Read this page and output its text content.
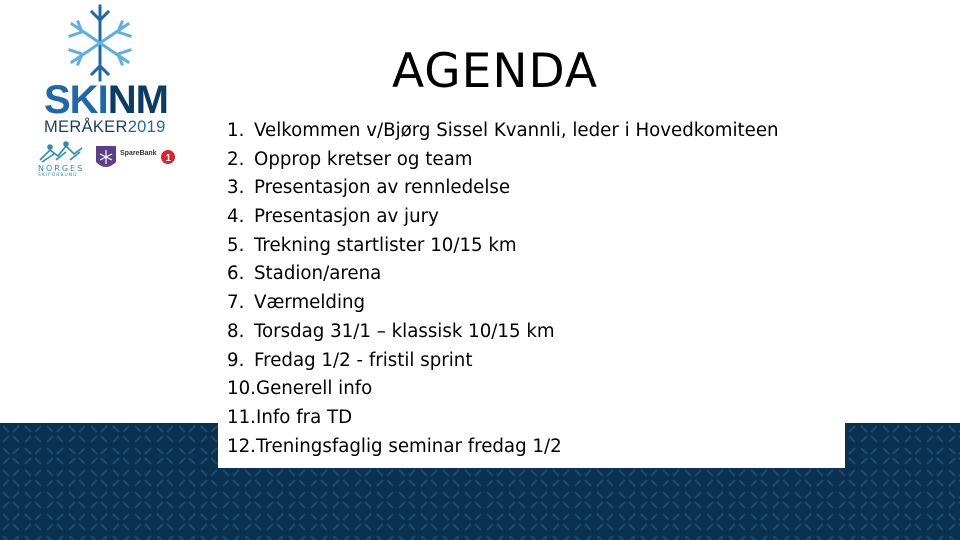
SKINM
MERÅKER2019
1
NORGES
SKIFORBUND
SpareBank
AGENDA
1. Velkommen v/Bjørg Sissel Kvannli, leder i Hovedkomiteen
2. Opprop kretser og team
3. Presentasjon av rennledelse
4. Presentasjon av jury
5. Trekning startlister 10/15 km
6. Stadion/arena
7. Værmelding
8. Torsdag 31/1 – klassisk 10/15 km
9. Fredag 1/2 - fristil sprint
10.Generell info
11.Info fra TD
12.Treningsfaglig seminar fredag 1/2
